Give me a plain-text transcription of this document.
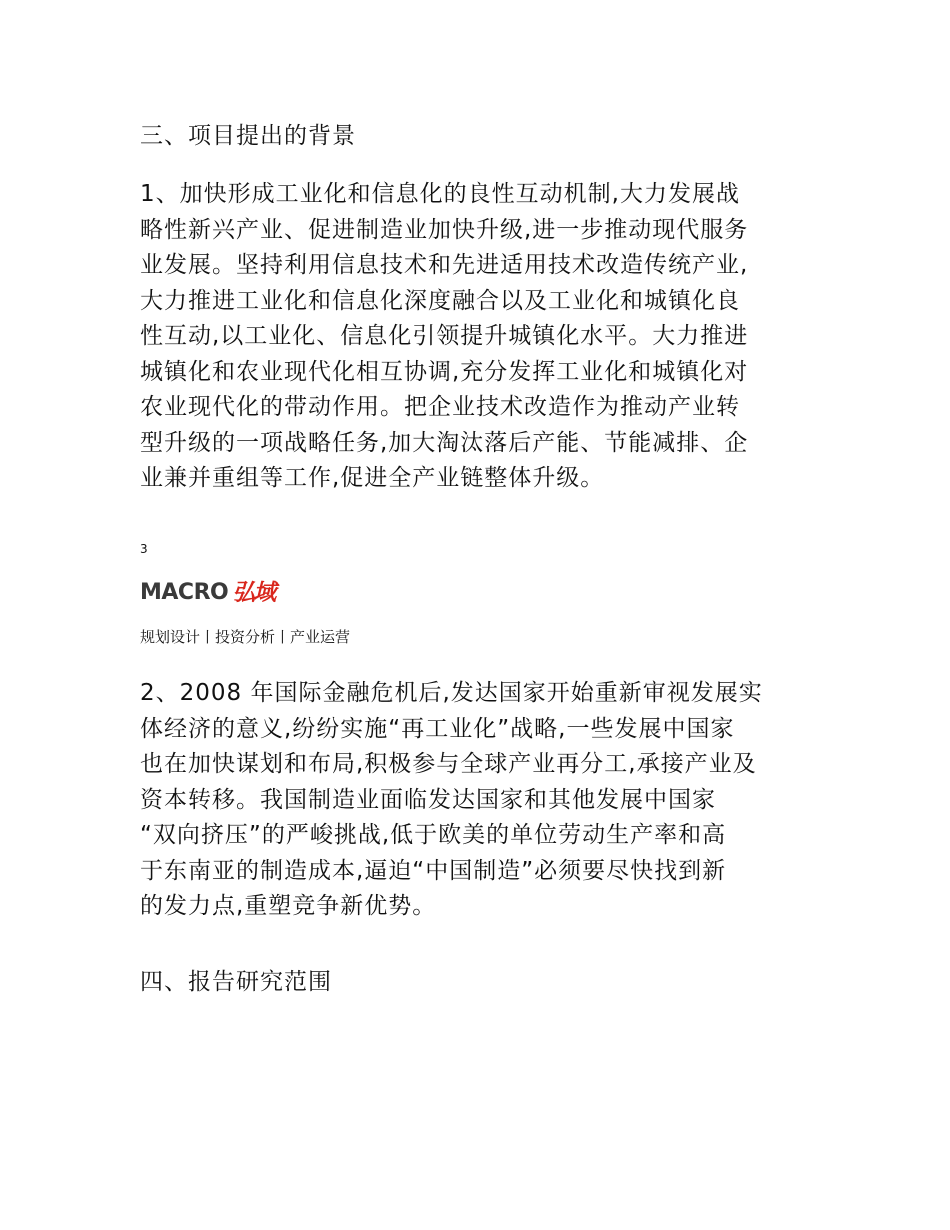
三、项目提出的背景
1、加快形成工业化和信息化的良性互动机制,大力发展战
略性新兴产业、促进制造业加快升级,进一步推动现代服务
业发展。坚持利用信息技术和先进适用技术改造传统产业,
大力推进工业化和信息化深度融合以及工业化和城镇化良
性互动,以工业化、信息化引领提升城镇化水平。大力推进
城镇化和农业现代化相互协调,充分发挥工业化和城镇化对
农业现代化的带动作用。把企业技术改造作为推动产业转
型升级的一项战略任务,加大淘汰落后产能、节能减排、企
业兼并重组等工作,促进全产业链整体升级。
3
MACRO 弘域
规划设计丨投资分析丨产业运营
2、2008 年国际金融危机后,发达国家开始重新审视发展实
体经济的意义,纷纷实施“再工业化”战略,一些发展中国家
也在加快谋划和布局,积极参与全球产业再分工,承接产业及
资本转移。我国制造业面临发达国家和其他发展中国家
“双向挤压”的严峻挑战,低于欧美的单位劳动生产率和高
于东南亚的制造成本,逼迫“中国制造”必须要尽快找到新
的发力点,重塑竞争新优势。
四、报告研究范围
